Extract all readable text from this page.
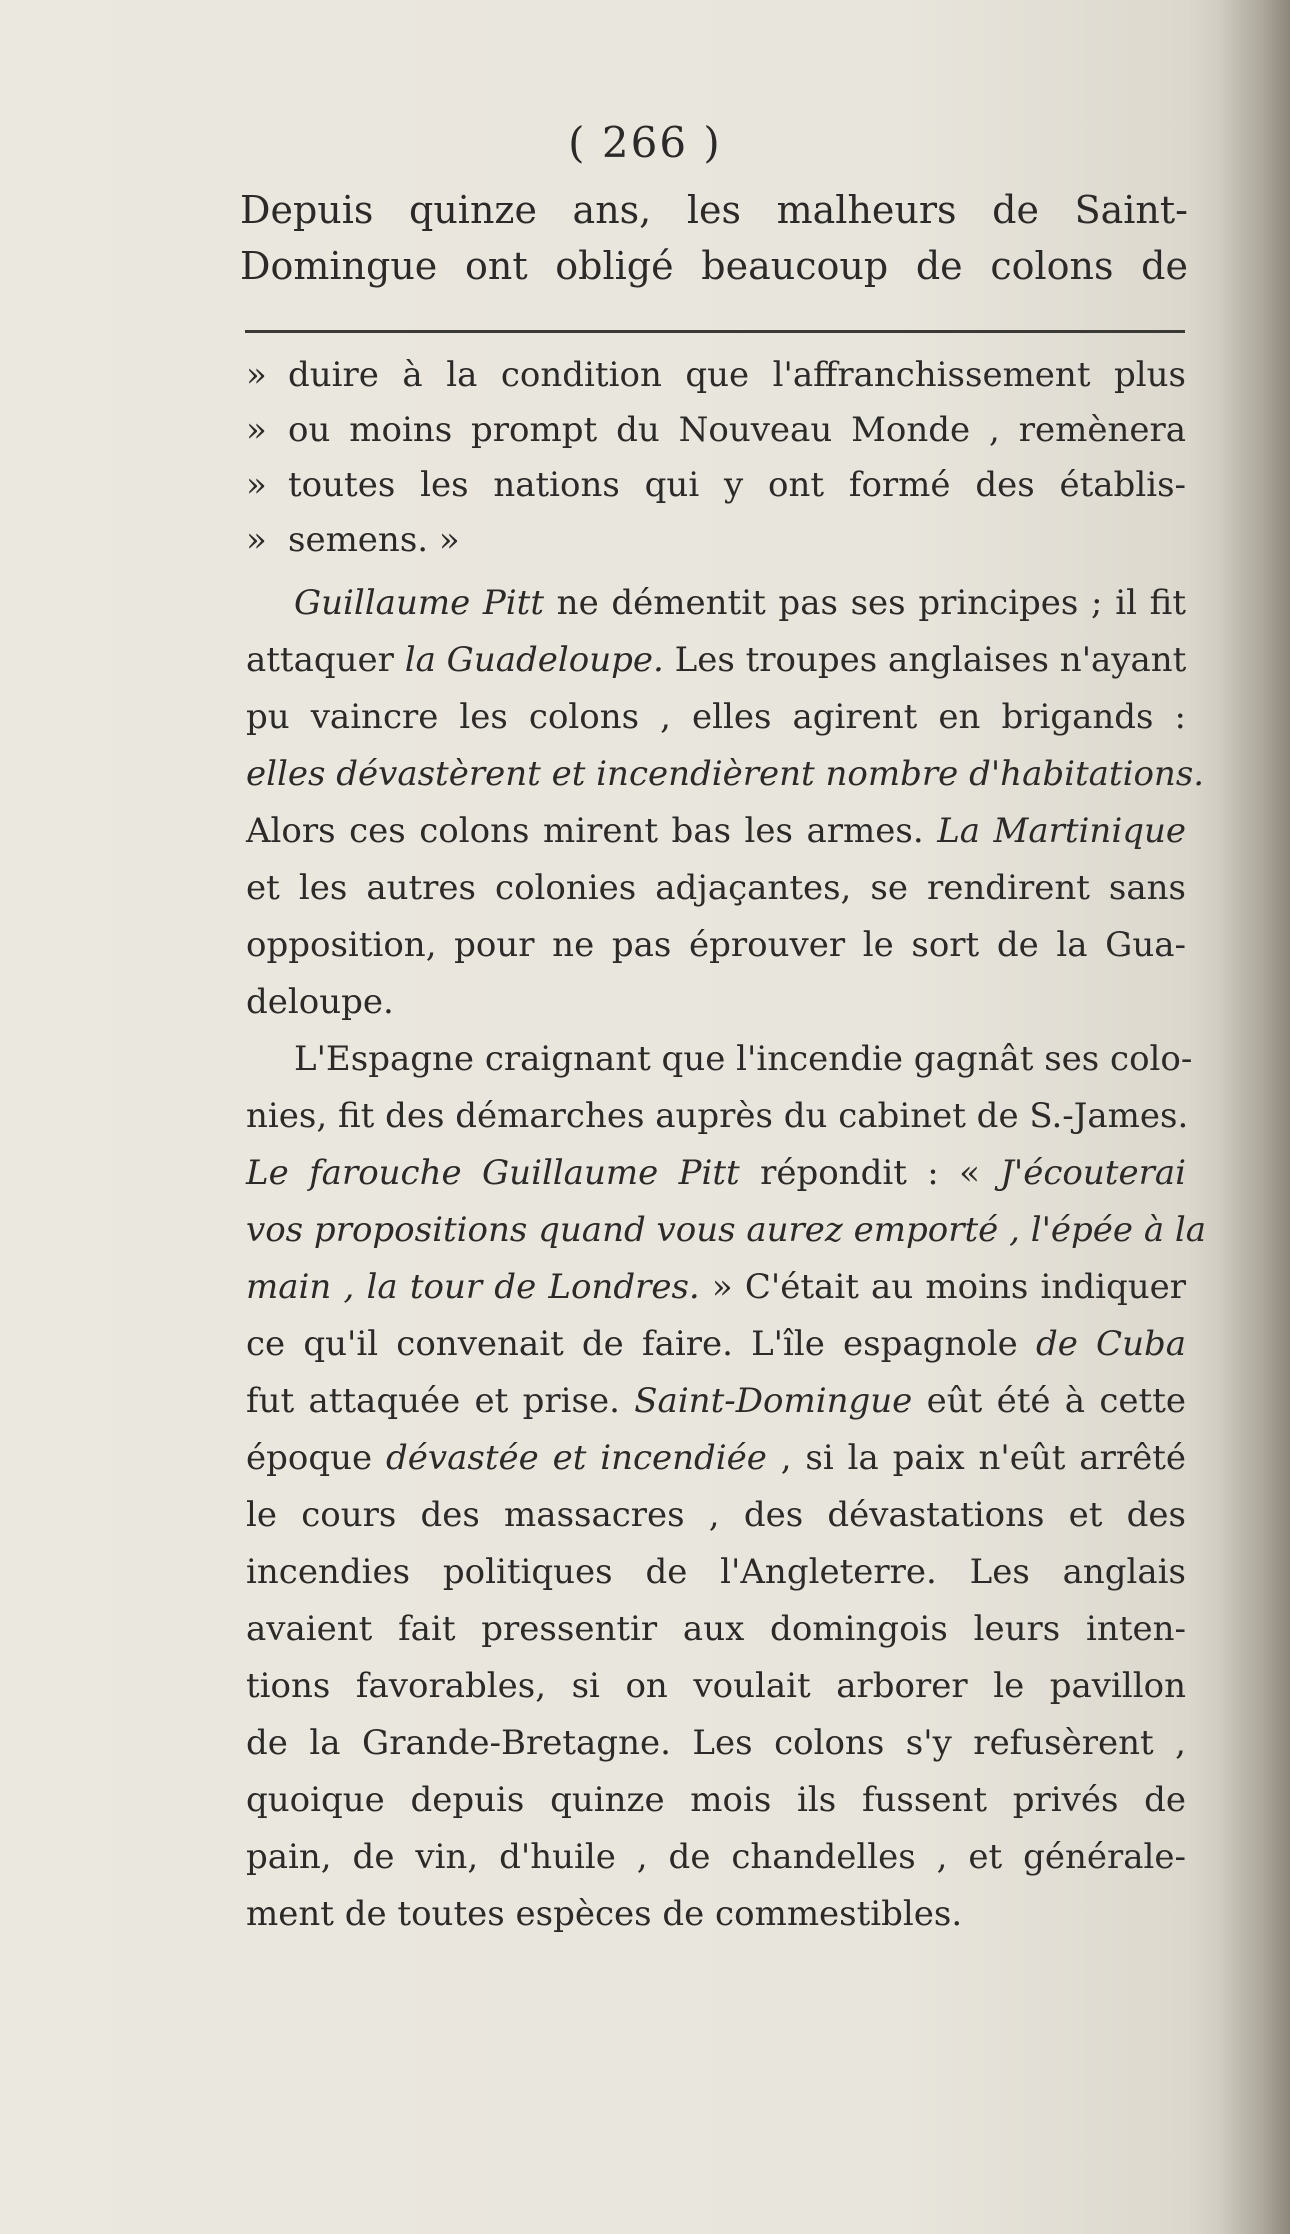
( 266 )
Depuis quinze ans, les malheurs de Saint-
Domingue ont obligé beaucoup de colons de
» duire à la condition que l'affranchissement plus
» ou moins prompt du Nouveau Monde , remènera
» toutes les nations qui y ont formé des établis-
» semens. »
Guillaume Pitt ne démentit pas ses principes ; il fit
attaquer la Guadeloupe. Les troupes anglaises n'ayant
pu vaincre les colons , elles agirent en brigands :
elles dévastèrent et incendièrent nombre d'habitations.
Alors ces colons mirent bas les armes. La Martinique
et les autres colonies adjaçantes, se rendirent sans
opposition, pour ne pas éprouver le sort de la Gua-
deloupe.
L'Espagne craignant que l'incendie gagnât ses colo-
nies, fit des démarches auprès du cabinet de S.-James.
Le farouche Guillaume Pitt répondit : « J'écouterai
vos propositions quand vous aurez emporté , l'épée à la
main , la tour de Londres. » C'était au moins indiquer
ce qu'il convenait de faire. L'île espagnole de Cuba
fut attaquée et prise. Saint-Domingue eût été à cette
époque dévastée et incendiée , si la paix n'eût arrêté
le cours des massacres , des dévastations et des
incendies politiques de l'Angleterre. Les anglais
avaient fait pressentir aux domingois leurs inten-
tions favorables, si on voulait arborer le pavillon
de la Grande-Bretagne. Les colons s'y refusèrent ,
quoique depuis quinze mois ils fussent privés de
pain, de vin, d'huile , de chandelles , et générale-
ment de toutes espèces de commestibles.
